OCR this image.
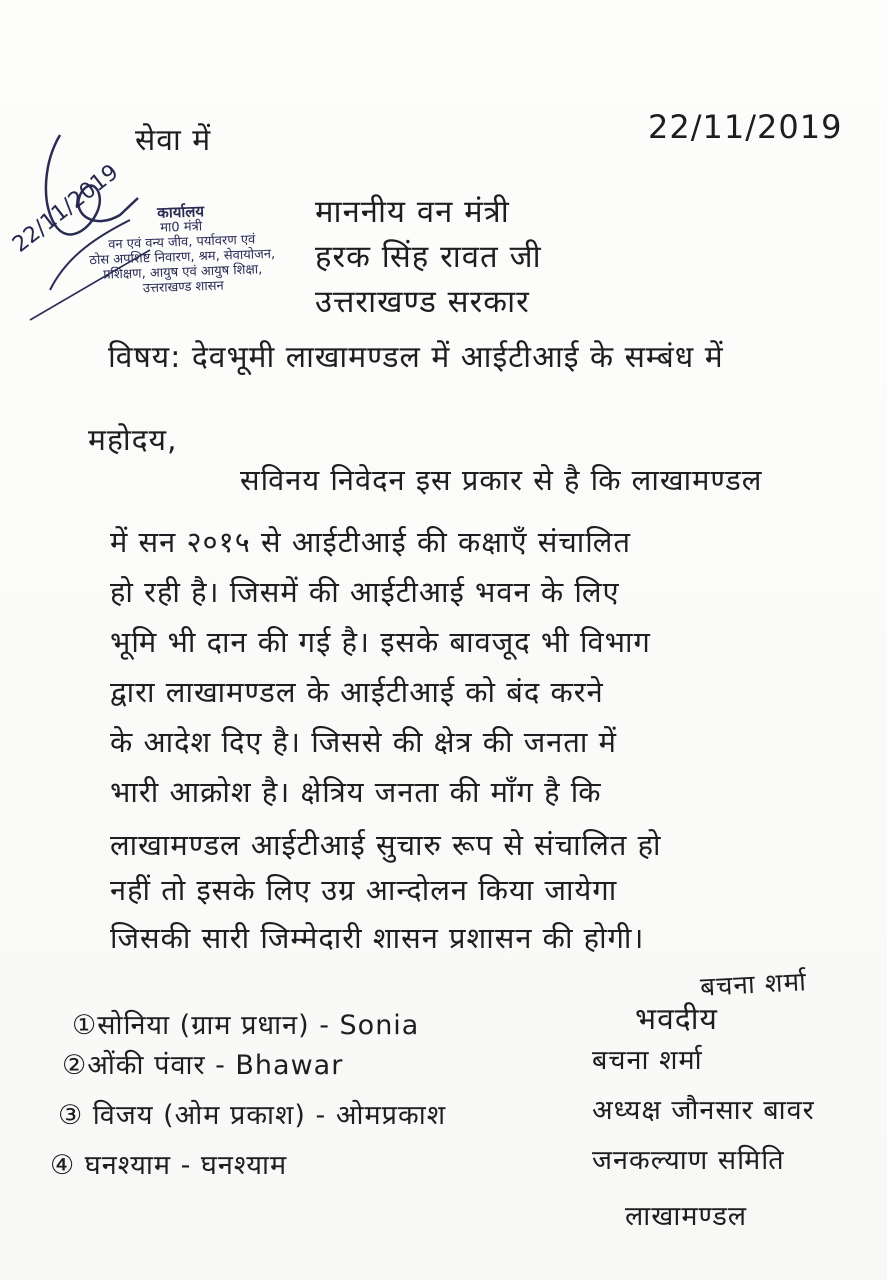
कार्यालय
मा0 मंत्री
वन एवं वन्य जीव, पर्यावरण एवं
ठोस अपशिष्ट निवारण, श्रम, सेवायोजन,
प्रशिक्षण, आयुष एवं आयुष शिक्षा,
उत्तराखण्ड शासन
22/11/2019
सेवा में	22/11/2019
माननीय वन मंत्री
हरक सिंह रावत जी
उत्तराखण्ड सरकार
विषय: देवभूमी लाखामण्डल में आईटीआई के सम्बंध में
महोदय,
सविनय निवेदन इस प्रकार से है कि लाखामण्डल
में सन २०१५ से आईटीआई की कक्षाएँ संचालित
हो रही है। जिसमें की आईटीआई भवन के लिए
भूमि भी दान की गई है। इसके बावजूद भी विभाग
द्वारा लाखामण्डल के आईटीआई को बंद करने
के आदेश दिए है। जिससे की क्षेत्र की जनता में
भारी आक्रोश है। क्षेत्रिय जनता की माँग है कि
लाखामण्डल आईटीआई सुचारु रूप से संचालित हो
नहीं तो इसके लिए उग्र आन्दोलन किया जायेगा
जिसकी सारी जिम्मेदारी शासन प्रशासन की होगी।
बचना शर्मा
भवदीय
बचना शर्मा
अध्यक्ष जौनसार बावर
जनकल्याण समिति
लाखामण्डल
①सोनिया (ग्राम प्रधान) - Sonia
②ओंकी पंवार - Bhawar
③ विजय (ओम प्रकाश) - ओमप्रकाश
④ घनश्याम - घनश्याम
